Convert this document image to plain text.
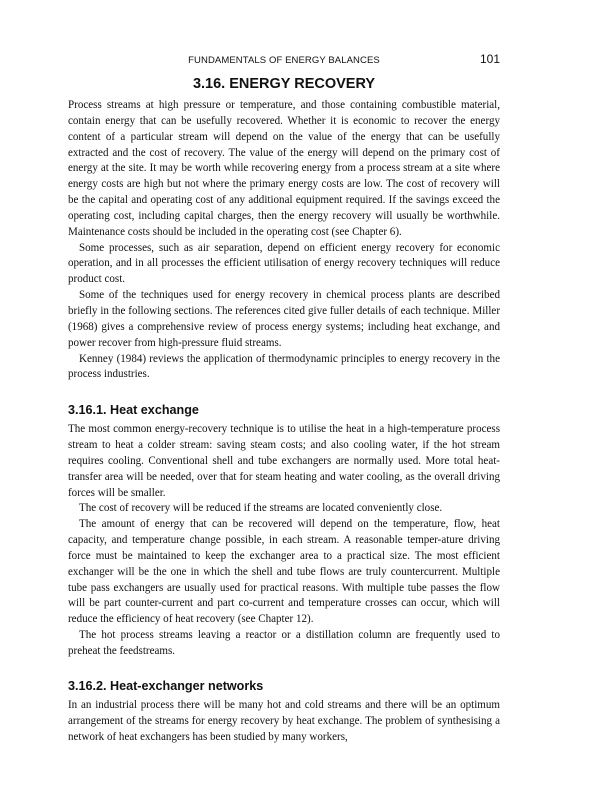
FUNDAMENTALS OF ENERGY BALANCES	101
3.16. ENERGY RECOVERY

Process streams at high pressure or temperature, and those containing combustible material, contain energy that can be usefully recovered. Whether it is economic to recover the energy content of a particular stream will depend on the value of the energy that can be usefully extracted and the cost of recovery. The value of the energy will depend on the primary cost of energy at the site. It may be worth while recovering energy from a process stream at a site where energy costs are high but not where the primary energy costs are low. The cost of recovery will be the capital and operating cost of any additional equipment required. If the savings exceed the operating cost, including capital charges, then the energy recovery will usually be worthwhile. Maintenance costs should be included in the operating cost (see Chapter 6).

Some processes, such as air separation, depend on efficient energy recovery for economic operation, and in all processes the efficient utilisation of energy recovery techniques will reduce product cost.

Some of the techniques used for energy recovery in chemical process plants are described briefly in the following sections. The references cited give fuller details of each technique. Miller (1968) gives a comprehensive review of process energy systems; including heat exchange, and power recover from high-pressure fluid streams.

Kenney (1984) reviews the application of thermodynamic principles to energy recovery in the process industries.

3.16.1. Heat exchange

The most common energy-recovery technique is to utilise the heat in a high-temperature process stream to heat a colder stream: saving steam costs; and also cooling water, if the hot stream requires cooling. Conventional shell and tube exchangers are normally used. More total heat-transfer area will be needed, over that for steam heating and water cooling, as the overall driving forces will be smaller.

The cost of recovery will be reduced if the streams are located conveniently close.

The amount of energy that can be recovered will depend on the temperature, flow, heat capacity, and temperature change possible, in each stream. A reasonable temper-ature driving force must be maintained to keep the exchanger area to a practical size. The most efficient exchanger will be the one in which the shell and tube flows are truly countercurrent. Multiple tube pass exchangers are usually used for practical reasons. With multiple tube passes the flow will be part counter-current and part co-current and temperature crosses can occur, which will reduce the efficiency of heat recovery (see Chapter 12).

The hot process streams leaving a reactor or a distillation column are frequently used to preheat the feedstreams.

3.16.2. Heat-exchanger networks

In an industrial process there will be many hot and cold streams and there will be an optimum arrangement of the streams for energy recovery by heat exchange. The problem of synthesising a network of heat exchangers has been studied by many workers,
